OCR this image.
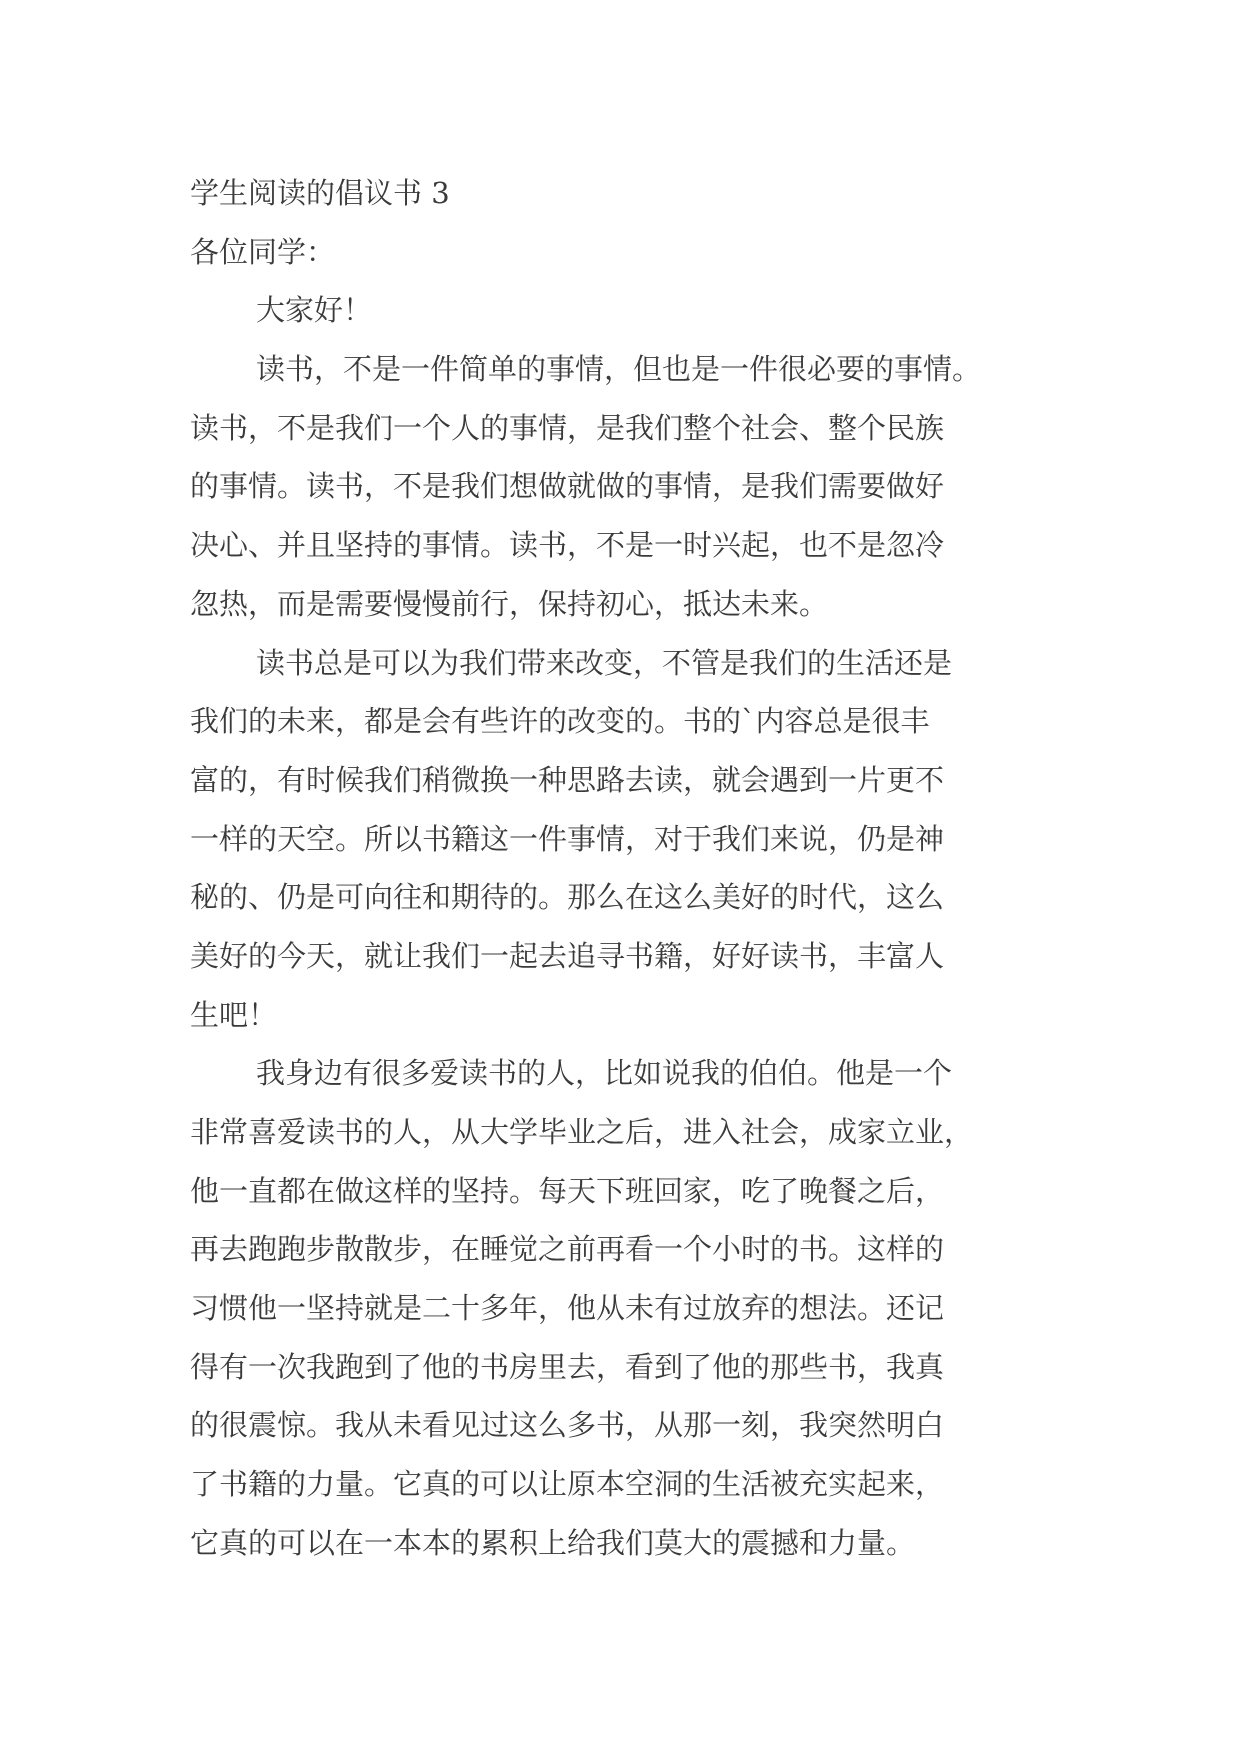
学生阅读的倡议书 3
各位同学：
大家好！
读书，不是一件简单的事情，但也是一件很必要的事情。
读书，不是我们一个人的事情，是我们整个社会、整个民族
的事情。读书，不是我们想做就做的事情，是我们需要做好
决心、并且坚持的事情。读书，不是一时兴起，也不是忽冷
忽热，而是需要慢慢前行，保持初心，抵达未来。
读书总是可以为我们带来改变，不管是我们的生活还是
我们的未来，都是会有些许的改变的。书的`内容总是很丰
富的，有时候我们稍微换一种思路去读，就会遇到一片更不
一样的天空。所以书籍这一件事情，对于我们来说，仍是神
秘的、仍是可向往和期待的。那么在这么美好的时代，这么
美好的今天，就让我们一起去追寻书籍，好好读书，丰富人
生吧！
我身边有很多爱读书的人，比如说我的伯伯。他是一个
非常喜爱读书的人，从大学毕业之后，进入社会，成家立业，
他一直都在做这样的坚持。每天下班回家，吃了晚餐之后，
再去跑跑步散散步，在睡觉之前再看一个小时的书。这样的
习惯他一坚持就是二十多年，他从未有过放弃的想法。还记
得有一次我跑到了他的书房里去，看到了他的那些书，我真
的很震惊。我从未看见过这么多书，从那一刻，我突然明白
了书籍的力量。它真的可以让原本空洞的生活被充实起来，
它真的可以在一本本的累积上给我们莫大的震撼和力量。
